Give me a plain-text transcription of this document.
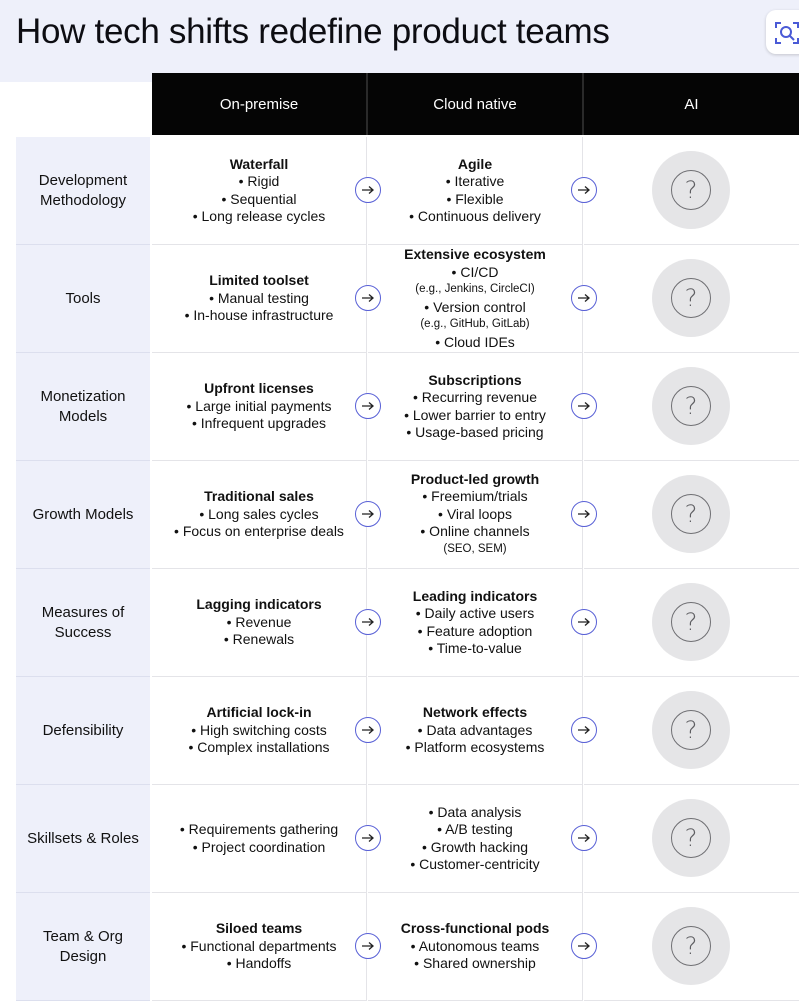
How tech shifts redefine product teams
On-premise	Cloud native	AI
Development Methodology
Waterfall
• Rigid
• Sequential
• Long release cycles
Agile
• Iterative
• Flexible
• Continuous delivery
?
Tools
Limited toolset
• Manual testing
• In-house infrastructure
Extensive ecosystem
• CI/CD
(e.g., Jenkins, CircleCI)
• Version control
(e.g., GitHub, GitLab)
• Cloud IDEs
?
Monetization Models
Upfront licenses
• Large initial payments
• Infrequent upgrades
Subscriptions
• Recurring revenue
• Lower barrier to entry
• Usage-based pricing
?
Growth Models
Traditional sales
• Long sales cycles
• Focus on enterprise deals
Product-led growth
• Freemium/trials
• Viral loops
• Online channels
(SEO, SEM)
?
Measures of Success
Lagging indicators
• Revenue
• Renewals
Leading indicators
• Daily active users
• Feature adoption
• Time-to-value
?
Defensibility
Artificial lock-in
• High switching costs
• Complex installations
Network effects
• Data advantages
• Platform ecosystems
?
Skillsets & Roles
• Requirements gathering
• Project coordination
• Data analysis
• A/B testing
• Growth hacking
• Customer-centricity
?
Team & Org Design
Siloed teams
• Functional departments
• Handoffs
Cross-functional pods
• Autonomous teams
• Shared ownership
?
